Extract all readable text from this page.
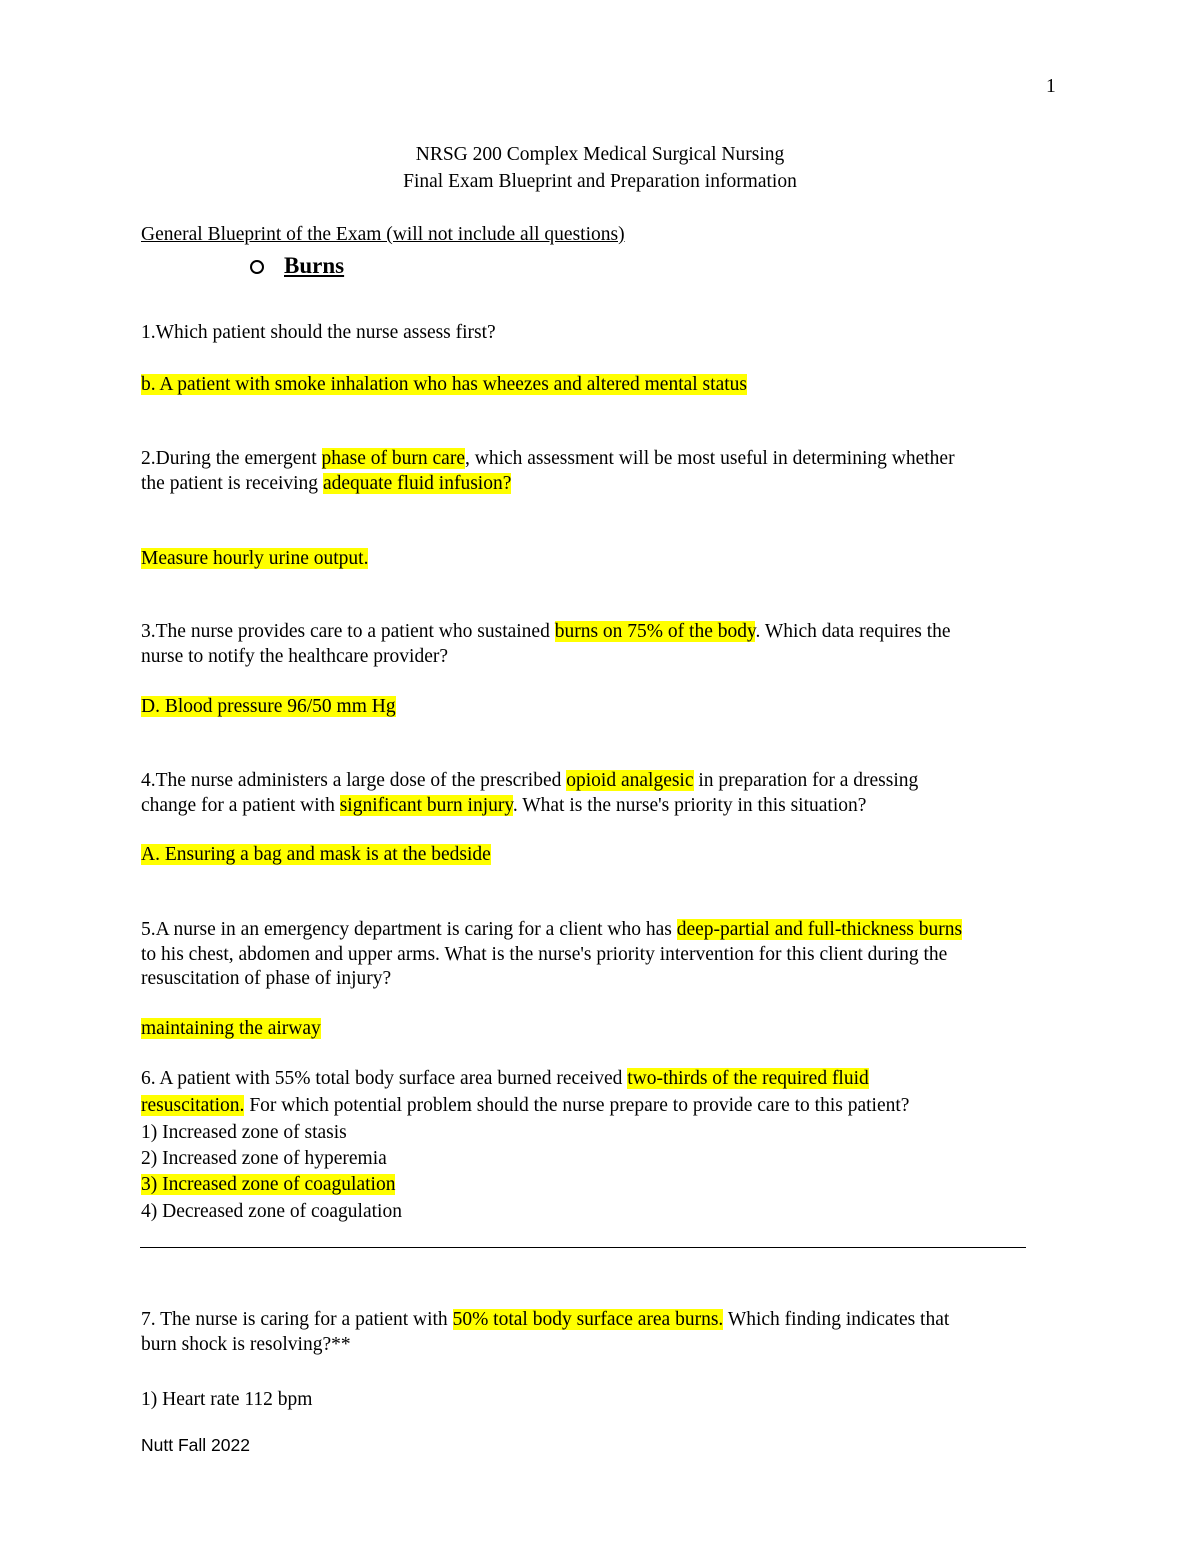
1
NRSG 200 Complex Medical Surgical Nursing
Final Exam Blueprint and Preparation information
General Blueprint of the Exam (will not include all questions)
Burns
1.Which patient should the nurse assess first?
b. A patient with smoke inhalation who has wheezes and altered mental status
2.During the emergent phase of burn care, which assessment will be most useful in determining whether
the patient is receiving adequate fluid infusion?
Measure hourly urine output.
3.The nurse provides care to a patient who sustained burns on 75% of the body. Which data requires the
nurse to notify the healthcare provider?
D. Blood pressure 96/50 mm Hg
4.The nurse administers a large dose of the prescribed opioid analgesic in preparation for a dressing
change for a patient with significant burn injury. What is the nurse's priority in this situation?
A. Ensuring a bag and mask is at the bedside
5.A nurse in an emergency department is caring for a client who has deep-partial and full-thickness burns
to his chest, abdomen and upper arms. What is the nurse's priority intervention for this client during the
resuscitation of phase of injury?
maintaining the airway
6. A patient with 55% total body surface area burned received two-thirds of the required fluid
resuscitation. For which potential problem should the nurse prepare to provide care to this patient?
1) Increased zone of stasis
2) Increased zone of hyperemia
3) Increased zone of coagulation
4) Decreased zone of coagulation
7. The nurse is caring for a patient with 50% total body surface area burns. Which finding indicates that
burn shock is resolving?**
1) Heart rate 112 bpm
Nutt Fall 2022
